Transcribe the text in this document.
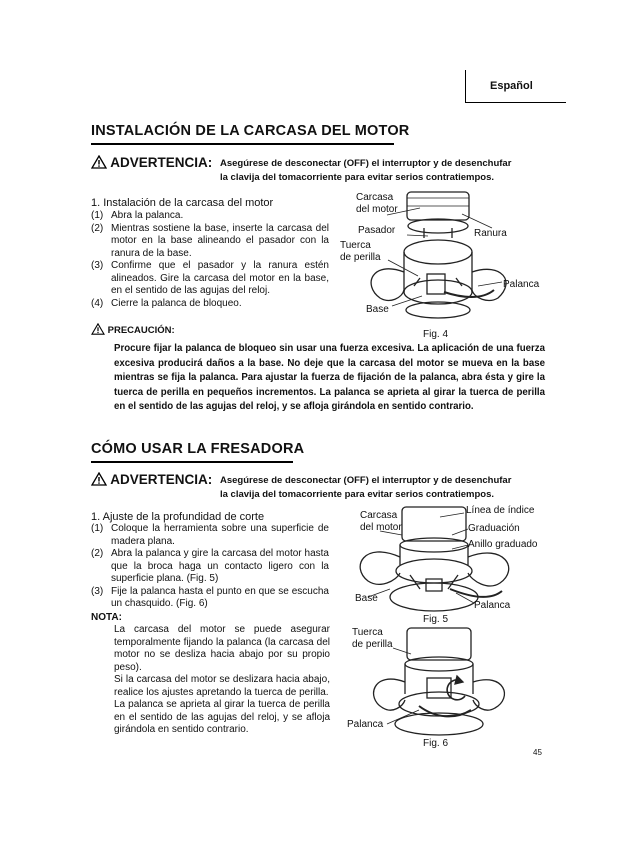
Español
INSTALACIÓN DE LA CARCASA DEL MOTOR
ADVERTENCIA: Asegúrese de desconectar (OFF) el interruptor y de desenchufar
la clavija del tomacorriente para evitar serios contratiempos.
1. Instalación de la carcasa del motor
(1) Abra la palanca.
(2) Mientras sostiene la base, inserte la carcasa del motor en la base alineando el pasador con la ranura de la base.
(3) Confirme que el pasador y la ranura estén alineados. Gire la carcasa del motor en la base, en el sentido de las agujas del reloj.
(4) Cierre la palanca de bloqueo.
Carcasa
del motor
Pasador	Ranura
Tuerca
de perilla
Palanca
Base
Fig. 4
PRECAUCIÓN:
Procure fijar la palanca de bloqueo sin usar una fuerza excesiva. La aplicación de una fuerza excesiva producirá daños a la base. No deje que la carcasa del motor se mueva en la base mientras se fija la palanca. Para ajustar la fuerza de fijación de la palanca, abra ésta y gire la tuerca de perilla en pequeños incrementos. La palanca se aprieta al girar la tuerca de perilla en el sentido de las agujas del reloj, y se afloja girándola en sentido contrario.
CÓMO USAR LA FRESADORA
ADVERTENCIA: Asegúrese de desconectar (OFF) el interruptor y de desenchufar
la clavija del tomacorriente para evitar serios contratiempos.
1. Ajuste de la profundidad de corte
(1) Coloque la herramienta sobre una superficie de madera plana.
(2) Abra la palanca y gire la carcasa del motor hasta que la broca haga un contacto ligero con la superficie plana. (Fig. 5)
(3) Fije la palanca hasta el punto en que se escucha un chasquido. (Fig. 6)
NOTA:
La carcasa del motor se puede asegurar temporalmente fijando la palanca (la carcasa del motor no se desliza hacia abajo por su propio peso).
Si la carcasa del motor se deslizara hacia abajo, realice los ajustes apretando la tuerca de perilla.
La palanca se aprieta al girar la tuerca de perilla en el sentido de las agujas del reloj, y se afloja girándola en sentido contrario.
Carcasa
del motor
Línea de índice
Graduación
Anillo graduado
Base
Palanca
Fig. 5
Tuerca
de perilla
Palanca
Fig. 6
45
